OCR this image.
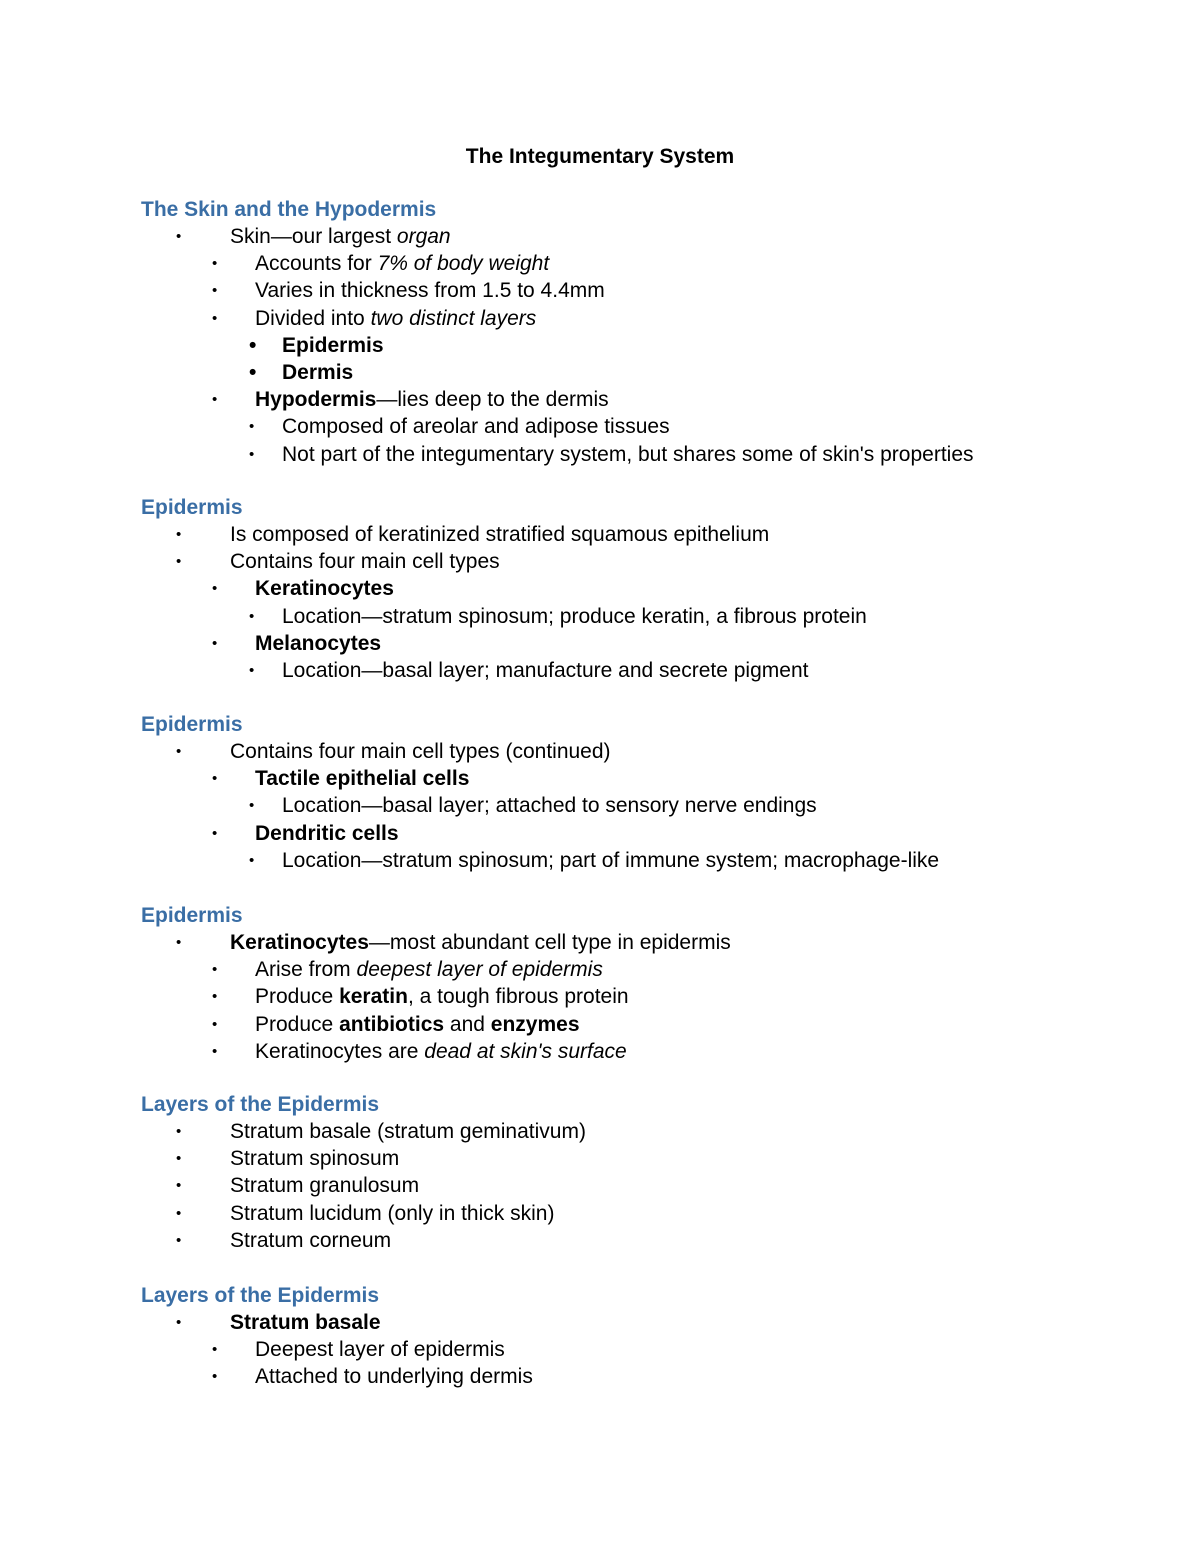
The Integumentary System
The Skin and the Hypodermis
• Skin—our largest organ
• Accounts for 7% of body weight
• Varies in thickness from 1.5 to 4.4mm
• Divided into two distinct layers
• Epidermis
• Dermis
• Hypodermis—lies deep to the dermis
• Composed of areolar and adipose tissues
• Not part of the integumentary system, but shares some of skin's properties
Epidermis
• Is composed of keratinized stratified squamous epithelium
• Contains four main cell types
• Keratinocytes
• Location—stratum spinosum; produce keratin, a fibrous protein
• Melanocytes
• Location—basal layer; manufacture and secrete pigment
Epidermis
• Contains four main cell types (continued)
• Tactile epithelial cells
• Location—basal layer; attached to sensory nerve endings
• Dendritic cells
• Location—stratum spinosum; part of immune system; macrophage-like
Epidermis
• Keratinocytes—most abundant cell type in epidermis
• Arise from deepest layer of epidermis
• Produce keratin, a tough fibrous protein
• Produce antibiotics and enzymes
• Keratinocytes are dead at skin's surface
Layers of the Epidermis
• Stratum basale (stratum geminativum)
• Stratum spinosum
• Stratum granulosum
• Stratum lucidum (only in thick skin)
• Stratum corneum
Layers of the Epidermis
• Stratum basale
• Deepest layer of epidermis
• Attached to underlying dermis
